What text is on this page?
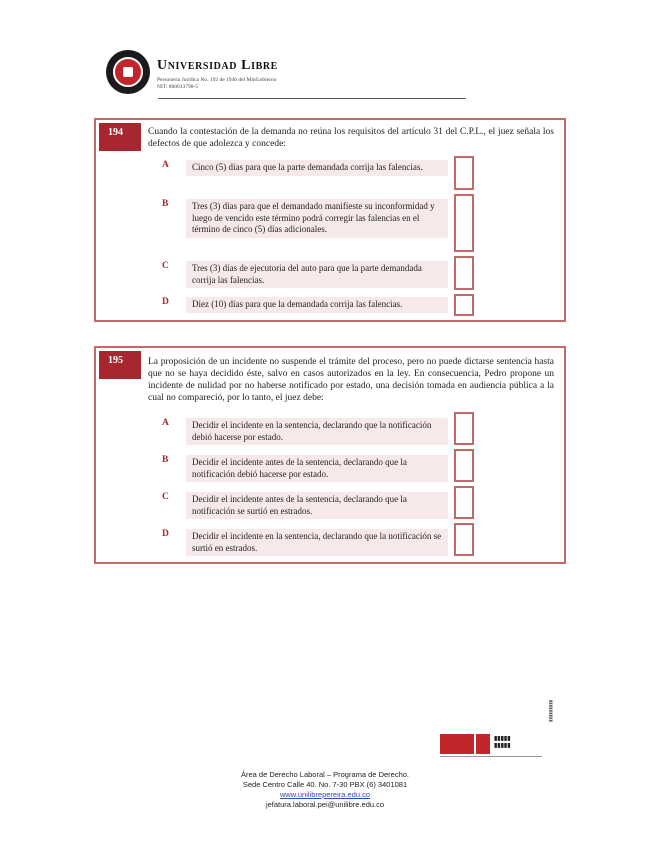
Universidad Libre
Personería Jurídica No. 192 de 1946 del MinGobierno
NIT: 860013798-5
194	Cuando la contestación de la demanda no reúna los requisitos del artículo 31 del C.P.L., el juez señala los defectos de que adolezca y concede:
A	Cinco (5) días para que la parte demandada corrija las falencias.
B	Tres (3) días para que el demandado manifieste su inconformidad y luego de vencido este término podrá corregir las falencias en el término de cinco (5) días adicionales.
C	Tres (3) días de ejecutoria del auto para que la parte demandada corrija las falencias.
D	Diez (10) días para que la demandada corrija las falencias.
195	La proposición de un incidente no suspende el trámite del proceso, pero no puede dictarse sentencia hasta que no se haya decidido éste, salvo en casos autorizados en la ley. En consecuencia, Pedro propone un incidente de nulidad por no haberse notificado por estado, una decisión tomada en audiencia pública a la cual no compareció, por lo tanto, el juez debe:
A	Decidir el incidente en la sentencia, declarando que la notificación debió hacerse por estado.
B	Decidir el incidente antes de la sentencia, declarando que la notificación debió hacerse por estado.
C	Decidir el incidente antes de la sentencia, declarando que la notificación se surtió en estrados.
D	Decidir el incidente en la sentencia, declarando que la notificación se surtió en estrados.
▮▮▮▮▮
▮▮▮▮▮
▮▮▮▮▮▮▮▮▮
Área de Derecho Laboral – Programa de Derecho.
Sede Centro Calle 40. No. 7-30 PBX (6) 3401081
www.unilibrepereira.edu.co
jefatura.laboral.pei@unilibre.edu.co
